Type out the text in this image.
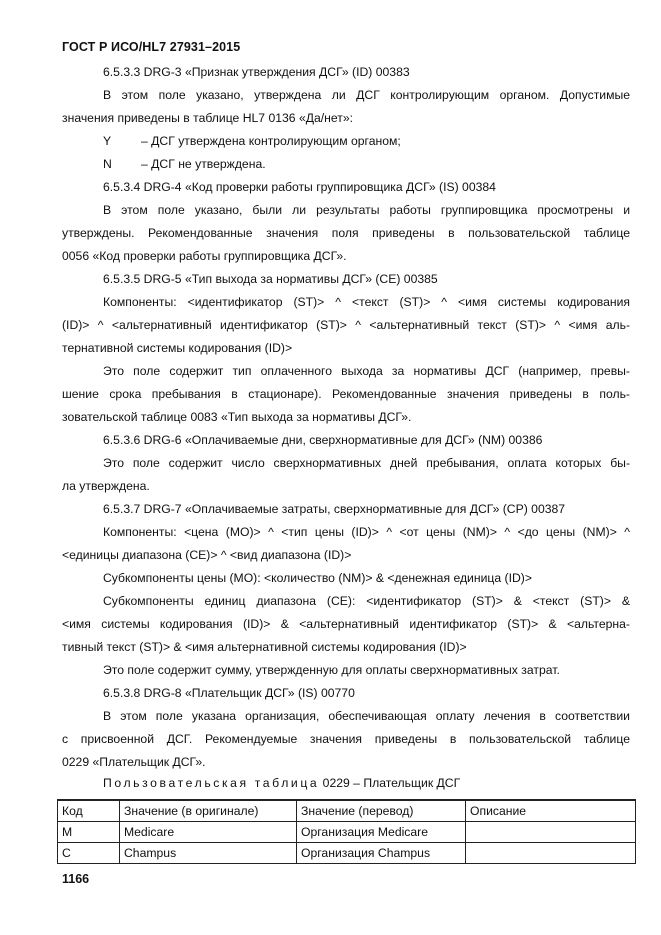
ГОСТ Р ИСО/HL7 27931–2015
6.5.3.3 DRG-3 «Признак утверждения ДСГ» (ID) 00383
В этом поле указано, утверждена ли ДСГ контролирующим органом. Допустимые
значения приведены в таблице HL7 0136 «Да/нет»:
Y – ДСГ утверждена контролирующим органом;
N – ДСГ не утверждена.
6.5.3.4 DRG-4 «Код проверки работы группировщика ДСГ» (IS) 00384
В этом поле указано, были ли результаты работы группировщика просмотрены и
утверждены. Рекомендованные значения поля приведены в пользовательской таблице
0056 «Код проверки работы группировщика ДСГ».
6.5.3.5 DRG-5 «Тип выхода за нормативы ДСГ» (CE) 00385
Компоненты: <идентификатор (ST)> ^ <текст (ST)> ^ <имя системы кодирования
(ID)> ^ <альтернативный идентификатор (ST)> ^ <альтернативный текст (ST)> ^ <имя аль-
тернативной системы кодирования (ID)>
Это поле содержит тип оплаченного выхода за нормативы ДСГ (например, превы-
шение срока пребывания в стационаре). Рекомендованные значения приведены в поль-
зовательской таблице 0083 «Тип выхода за нормативы ДСГ».
6.5.3.6 DRG-6 «Оплачиваемые дни, сверхнормативные для ДСГ» (NM) 00386
Это поле содержит число сверхнормативных дней пребывания, оплата которых бы-
ла утверждена.
6.5.3.7 DRG-7 «Оплачиваемые затраты, сверхнормативные для ДСГ» (CP) 00387
Компоненты: <цена (MO)> ^ <тип цены (ID)> ^ <от цены (NM)> ^ <до цены (NM)> ^
<единицы диапазона (CE)> ^ <вид диапазона (ID)>
Субкомпоненты цены (MO): <количество (NM)> & <денежная единица (ID)>
Субкомпоненты единиц диапазона (CE): <идентификатор (ST)> & <текст (ST)> &
<имя системы кодирования (ID)> & <альтернативный идентификатор (ST)> & <альтерна-
тивный текст (ST)> & <имя альтернативной системы кодирования (ID)>
Это поле содержит сумму, утвержденную для оплаты сверхнормативных затрат.
6.5.3.8 DRG-8 «Плательщик ДСГ» (IS) 00770
В этом поле указана организация, обеспечивающая оплату лечения в соответствии
с присвоенной ДСГ. Рекомендуемые значения приведены в пользовательской таблице
0229 «Плательщик ДСГ».
Пользовательская таблица 0229 – Плательщик ДСГ
Код	Значение (в оригинале)	Значение (перевод)	Описание
M	Medicare	Организация Medicare	
C	Champus	Организация Champus	
1166
